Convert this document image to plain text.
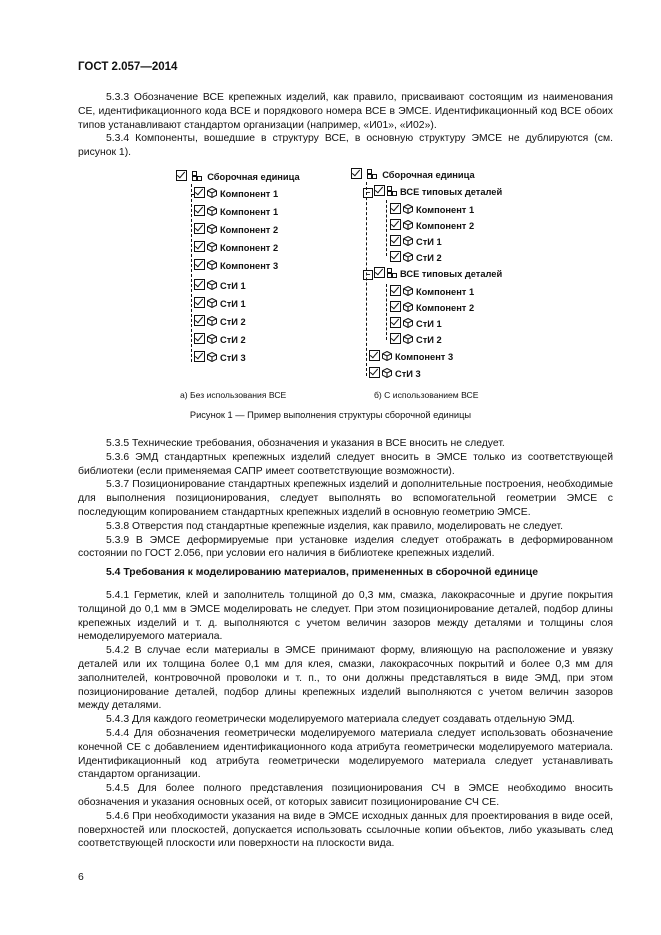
ГОСТ 2.057—2014

5.3.3 Обозначение ВСЕ крепежных изделий, как правило, присваивают состоящим из наименования СЕ, идентификационного кода ВСЕ и порядкового номера ВСЕ в ЭМСЕ. Идентификационный код ВСЕ обоих типов устанавливают стандартом организации (например, «И01», «И02»).

5.3.4 Компоненты, вошедшие в структуру ВСЕ, в основную структуру ЭМСЕ не дублируются (см. рисунок 1).

Сборочная единица
Компонент 1
Компонент 1
Компонент 2
Компонент 2
Компонент 3
СтИ 1
СтИ 1
СтИ 2
СтИ 2
СтИ 3
а) Без использования ВСЕ
Сборочная единица
−	ВСЕ типовых деталей
Компонент 1
Компонент 2
СтИ 1
СтИ 2
−	ВСЕ типовых деталей
Компонент 1
Компонент 2
СтИ 1
СтИ 2
Компонент 3
СтИ 3
б) С использованием ВСЕ
Рисунок 1 — Пример выполнения структуры сборочной единицы

5.3.5 Технические требования, обозначения и указания в ВСЕ вносить не следует.

5.3.6 ЭМД стандартных крепежных изделий следует вносить в ЭМСЕ только из соответствующей библиотеки (если применяемая САПР имеет соответствующие возможности).

5.3.7 Позиционирование стандартных крепежных изделий и дополнительные построения, необходимые для выполнения позиционирования, следует выполнять во вспомогательной геометрии ЭМСЕ с последующим копированием стандартных крепежных изделий в основную геометрию ЭМСЕ.

5.3.8 Отверстия под стандартные крепежные изделия, как правило, моделировать не следует.

5.3.9 В ЭМСЕ деформируемые при установке изделия следует отображать в деформированном состоянии по ГОСТ 2.056, при условии его наличия в библиотеке крепежных изделий.

5.4 Требования к моделированию материалов, примененных в сборочной единице

5.4.1 Герметик, клей и заполнитель толщиной до 0,3 мм, смазка, лакокрасочные и другие покрытия толщиной до 0,1 мм в ЭМСЕ моделировать не следует. При этом позиционирование деталей, подбор длины крепежных изделий и т. д. выполняются с учетом величин зазоров между деталями и толщины слоя немоделируемого материала.

5.4.2 В случае если материалы в ЭМСЕ принимают форму, влияющую на расположение и увязку деталей или их толщина более 0,1 мм для клея, смазки, лакокрасочных покрытий и более 0,3 мм для заполнителей, контровочной проволоки и т. п., то они должны представляться в виде ЭМД, при этом позиционирование деталей, подбор длины крепежных изделий выполняются с учетом величин зазоров между деталями.

5.4.3 Для каждого геометрически моделируемого материала следует создавать отдельную ЭМД.

5.4.4 Для обозначения геометрически моделируемого материала следует использовать обозначение конечной СЕ с добавлением идентификационного кода атрибута геометрически моделируемого материала. Идентификационный код атрибута геометрически моделируемого материала следует устанавливать стандартом организации.

5.4.5 Для более полного представления позиционирования СЧ в ЭМСЕ необходимо вносить обозначения и указания основных осей, от которых зависит позиционирование СЧ СЕ.

5.4.6 При необходимости указания на виде в ЭМСЕ исходных данных для проектирования в виде осей, поверхностей или плоскостей, допускается использовать ссылочные копии объектов, либо указывать след соответствующей плоскости или поверхности на плоскости вида.

6
